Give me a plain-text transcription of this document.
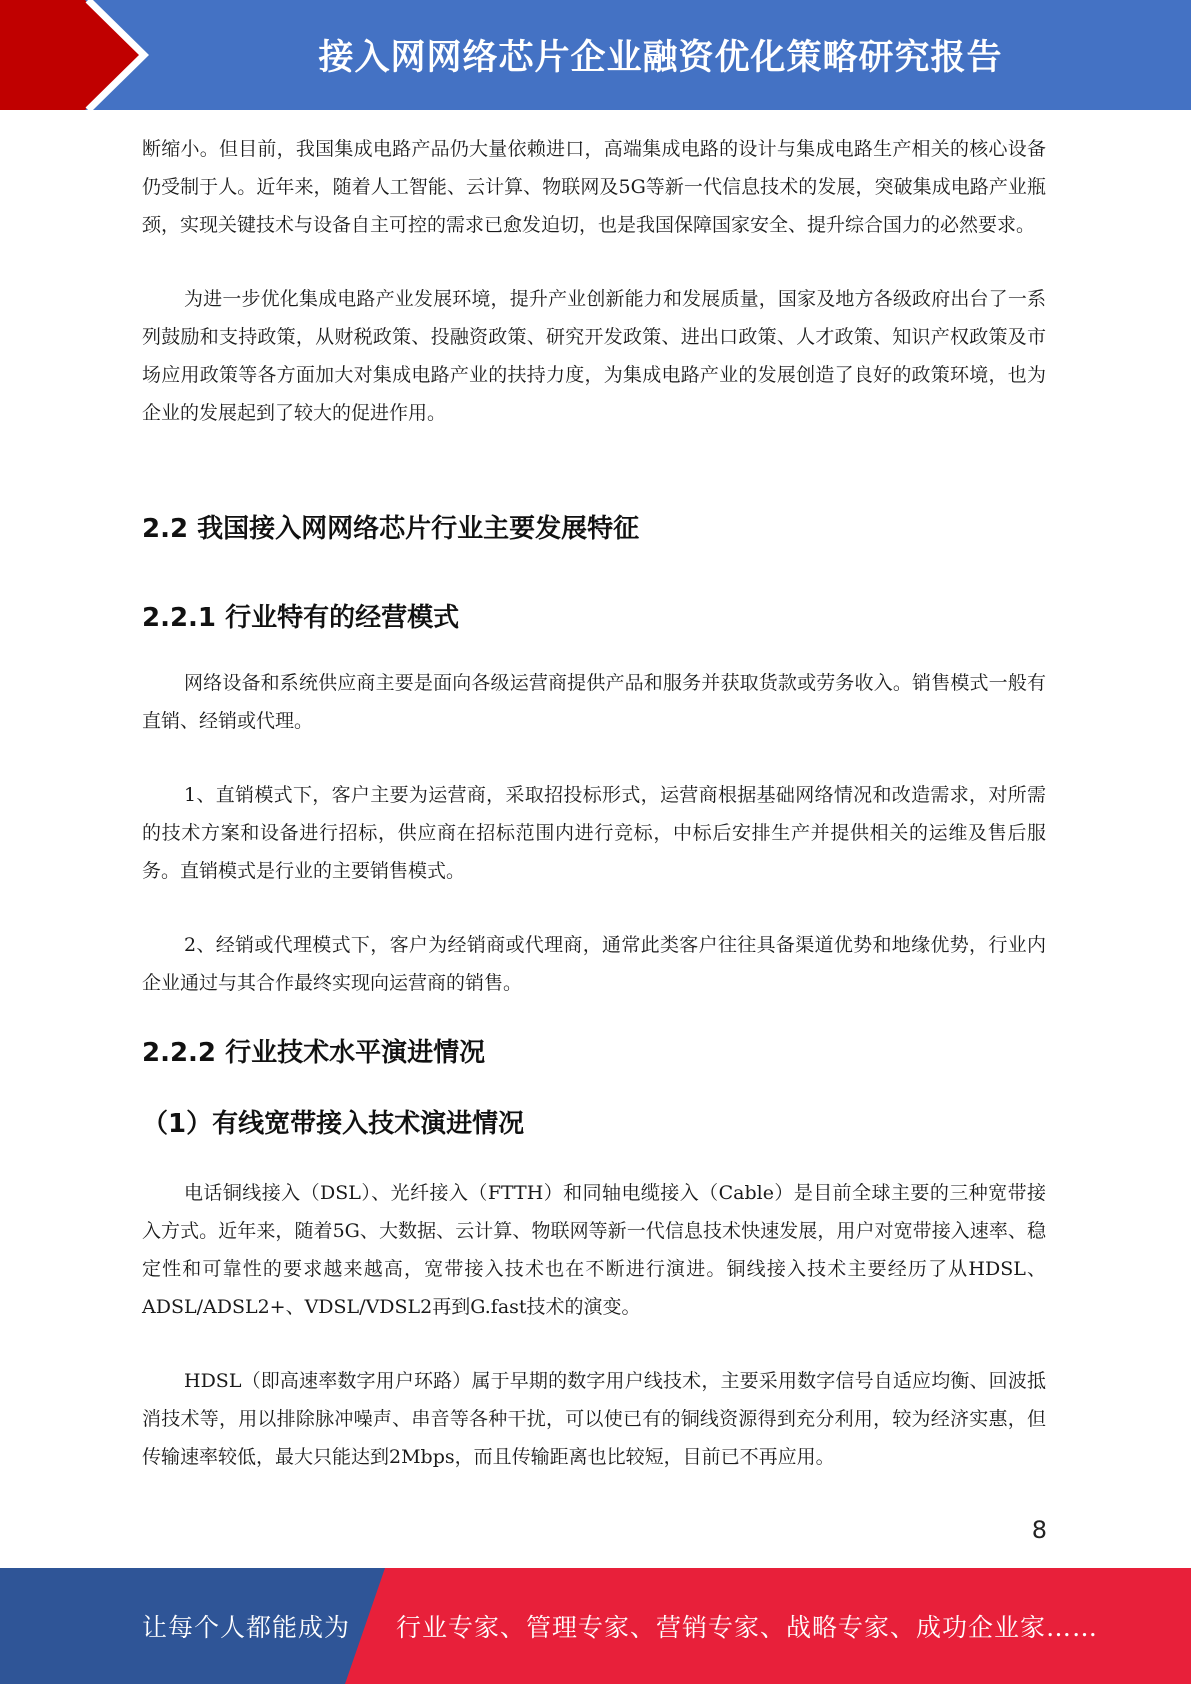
接入网网络芯片企业融资优化策略研究报告

断缩小。但目前，我国集成电路产品仍大量依赖进口，高端集成电路的设计与集成电路生产相关的核心设备仍受制于人。近年来，随着人工智能、云计算、物联网及5G等新一代信息技术的发展，突破集成电路产业瓶颈，实现关键技术与设备自主可控的需求已愈发迫切，也是我国保障国家安全、提升综合国力的必然要求。

为进一步优化集成电路产业发展环境，提升产业创新能力和发展质量，国家及地方各级政府出台了一系列鼓励和支持政策，从财税政策、投融资政策、研究开发政策、进出口政策、人才政策、知识产权政策及市场应用政策等各方面加大对集成电路产业的扶持力度，为集成电路产业的发展创造了良好的政策环境，也为企业的发展起到了较大的促进作用。

2.2 我国接入网网络芯片行业主要发展特征
2.2.1 行业特有的经营模式

网络设备和系统供应商主要是面向各级运营商提供产品和服务并获取货款或劳务收入。销售模式一般有直销、经销或代理。

1、直销模式下，客户主要为运营商，采取招投标形式，运营商根据基础网络情况和改造需求，对所需的技术方案和设备进行招标，供应商在招标范围内进行竞标，中标后安排生产并提供相关的运维及售后服务。直销模式是行业的主要销售模式。

2、经销或代理模式下，客户为经销商或代理商，通常此类客户往往具备渠道优势和地缘优势，行业内企业通过与其合作最终实现向运营商的销售。

2.2.2 行业技术水平演进情况
（1）有线宽带接入技术演进情况

电话铜线接入（DSL）、光纤接入（FTTH）和同轴电缆接入（Cable）是目前全球主要的三种宽带接入方式。近年来，随着5G、大数据、云计算、物联网等新一代信息技术快速发展，用户对宽带接入速率、稳定性和可靠性的要求越来越高，宽带接入技术也在不断进行演进。铜线接入技术主要经历了从HDSL、ADSL/ADSL2+、VDSL/VDSL2再到G.fast技术的演变。

HDSL（即高速率数字用户环路）属于早期的数字用户线技术，主要采用数字信号自适应均衡、回波抵消技术等，用以排除脉冲噪声、串音等各种干扰，可以使已有的铜线资源得到充分利用，较为经济实惠，但传输速率较低，最大只能达到2Mbps，而且传输距离也比较短，目前已不再应用。

8
让每个人都能成为 行业专家、管理专家、营销专家、战略专家、成功企业家……
